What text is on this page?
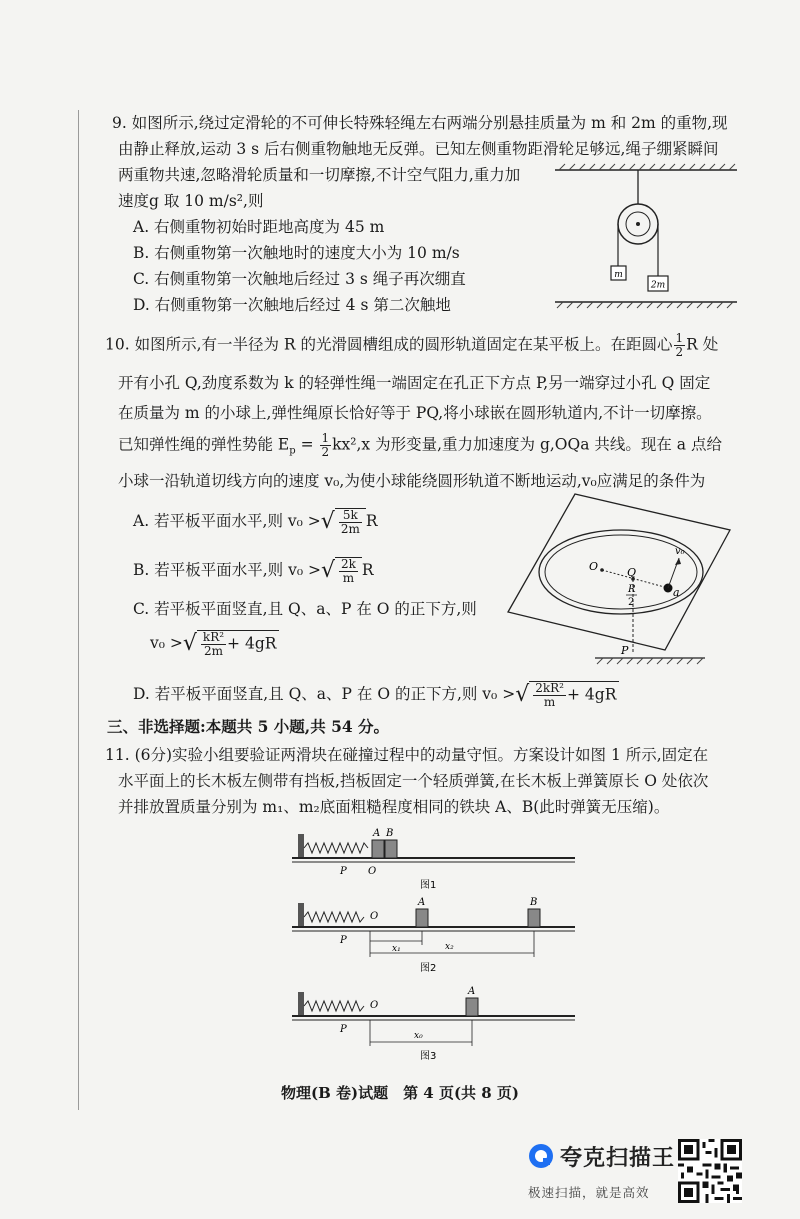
9. 如图所示,绕过定滑轮的不可伸长特殊轻绳左右两端分别悬挂质量为 m 和 2m 的重物,现
由静止释放,运动 3 s 后右侧重物触地无反弹。已知左侧重物距滑轮足够远,绳子绷紧瞬间
两重物共速,忽略滑轮质量和一切摩擦,不计空气阻力,重力加
速度g 取 10 m/s²,则
A. 右侧重物初始时距地高度为 45 m
B. 右侧重物第一次触地时的速度大小为 10 m/s
C. 右侧重物第一次触地后经过 3 s 绳子再次绷直
D. 右侧重物第一次触地后经过 4 s 第二次触地
m
2m
10. 如图所示,有一半径为 R 的光滑圆槽组成的圆形轨道固定在某平板上。在距圆心 $\frac{1}{2}$ R 处
开有小孔 Q,劲度系数为 k 的轻弹性绳一端固定在孔正下方点 P,另一端穿过小孔 Q 固定
在质量为 m 的小球上,弹性绳原长恰好等于 PQ,将小球嵌在圆形轨道内,不计一切摩擦。
已知弹性绳的弹性势能 $E_p = \frac{1}{2} kx^2,x$ 为形变量,重力加速度为 g,OQa 共线。现在 a 点给
小球一沿轨道切线方向的速度 v₀,为使小球能绕圆形轨道不断地运动,v₀应满足的条件为
A. 若平板平面水平,则 v₀ >√ $\frac{5k}{2m}$ R
B. 若平板平面水平,则 v₀ >√ $\frac{2k}{m}$ R
C. 若平板平面竖直,且 Q、a、P 在 O 的正下方,则
v₀ >√ $\frac{\text{kR²}}{2m} + 4gR$
D. 若平板平面竖直,且 Q、a、P 在 O 的正下方,则 v₀ >√ $\frac{\text{2kR²}}{m} + 4gR$
O	Q
a
v₀
R
2
P
三、非选择题:本题共 5 小题,共 54 分。
11. (6分)实验小组要验证两滑块在碰撞过程中的动量守恒。方案设计如图 1 所示,固定在
水平面上的长木板左侧带有挡板,挡板固定一个轻质弹簧,在长木板上弹簧原长 O 处依次
并排放置质量分别为 m₁、m₂底面粗糙程度相同的铁块 A、B(此时弹簧无压缩)。
A B
P O
图1
O
A	B
P
x₁	x₂
图2
O
A
P
x₀
图3
物理(B 卷)试题　第 4 页(共 8 页)
夸克扫描王
极速扫描，就是高效
